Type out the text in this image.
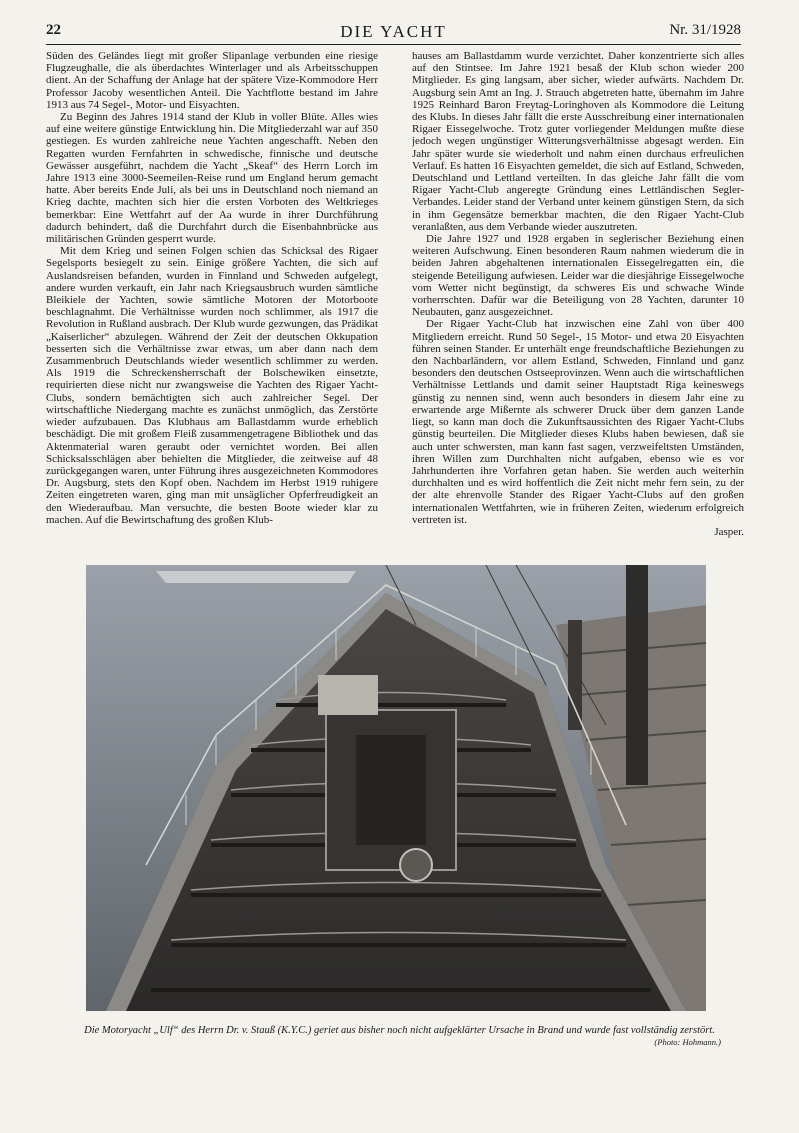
22	DIE YACHT	Nr. 31/1928

Süden des Geländes liegt mit großer Slipanlage verbunden eine riesige Flugzeughalle, die als überdachtes Winterlager und als Arbeitsschuppen dient. An der Schaffung der Anlage hat der spätere Vize-Kommodore Herr Professor Jacoby wesentlichen Anteil. Die Yachtflotte bestand im Jahre 1913 aus 74 Segel-, Motor- und Eisyachten.

Zu Beginn des Jahres 1914 stand der Klub in voller Blüte. Alles wies auf eine weitere günstige Entwicklung hin. Die Mitgliederzahl war auf 350 gestiegen. Es wurden zahlreiche neue Yachten angeschafft. Neben den Regatten wurden Fernfahrten in schwedische, finnische und deutsche Gewässer ausgeführt, nachdem die Yacht „Skeaf“ des Herrn Lorch im Jahre 1913 eine 3000-Seemeilen-Reise rund um England herum gemacht hatte. Aber bereits Ende Juli, als bei uns in Deutschland noch niemand an Krieg dachte, machten sich hier die ersten Vorboten des Weltkrieges bemerkbar: Eine Wettfahrt auf der Aa wurde in ihrer Durchführung dadurch behindert, daß die Durchfahrt durch die Eisenbahnbrücke aus militärischen Gründen gesperrt wurde.

Mit dem Krieg und seinen Folgen schien das Schicksal des Rigaer Segelsports besiegelt zu sein. Einige größere Yachten, die sich auf Auslandsreisen befanden, wurden in Finnland und Schweden aufgelegt, andere wurden verkauft, ein Jahr nach Kriegsausbruch wurden sämtliche Bleikiele der Yachten, sowie sämtliche Motoren der Motorboote beschlagnahmt. Die Verhältnisse wurden noch schlimmer, als 1917 die Revolution in Rußland ausbrach. Der Klub wurde gezwungen, das Prädikat „Kaiserlicher“ abzulegen. Während der Zeit der deutschen Okkupation besserten sich die Verhältnisse zwar etwas, um aber dann nach dem Zusammenbruch Deutschlands wieder wesentlich schlimmer zu werden. Als 1919 die Schreckensherrschaft der Bolschewiken einsetzte, requirierten diese nicht nur zwangsweise die Yachten des Rigaer Yacht-Clubs, sondern bemächtigten sich auch zahlreicher Segel. Der wirtschaftliche Niedergang machte es zunächst unmöglich, das Zerstörte wieder aufzubauen. Das Klubhaus am Ballastdamm wurde erheblich beschädigt. Die mit großem Fleiß zusammengetragene Bibliothek und das Aktenmaterial waren geraubt oder vernichtet worden. Bei allen Schicksalsschlägen aber behielten die Mitglieder, die zeitweise auf 48 zurückgegangen waren, unter Führung ihres ausgezeichneten Kommodores Dr. Augsburg, stets den Kopf oben. Nachdem im Herbst 1919 ruhigere Zeiten eingetreten waren, ging man mit unsäglicher Opferfreudigkeit an den Wiederaufbau. Man versuchte, die besten Boote wieder klar zu machen. Auf die Bewirtschaftung des großen Klub-

hauses am Ballastdamm wurde verzichtet. Daher konzentrierte sich alles auf den Stintsee. Im Jahre 1921 besaß der Klub schon wieder 200 Mitglieder. Es ging langsam, aber sicher, wieder aufwärts. Nachdem Dr. Augsburg sein Amt an Ing. J. Strauch abgetreten hatte, übernahm im Jahre 1925 Reinhard Baron Freytag-Loringhoven als Kommodore die Leitung des Klubs. In dieses Jahr fällt die erste Ausschreibung einer internationalen Rigaer Eissegelwoche. Trotz guter vorliegender Meldungen mußte diese jedoch wegen ungünstiger Witterungsverhältnisse abgesagt werden. Ein Jahr später wurde sie wiederholt und nahm einen durchaus erfreulichen Verlauf. Es hatten 16 Eisyachten gemeldet, die sich auf Estland, Schweden, Deutschland und Lettland verteilten. In das gleiche Jahr fällt die vom Rigaer Yacht-Club angeregte Gründung eines Lettländischen Segler-Verbandes. Leider stand der Verband unter keinem günstigen Stern, da sich in ihm Gegensätze bemerkbar machten, die den Rigaer Yacht-Club veranlaßten, aus dem Verbande wieder auszutreten.

Die Jahre 1927 und 1928 ergaben in seglerischer Beziehung einen weiteren Aufschwung. Einen besonderen Raum nahmen wiederum die in beiden Jahren abgehaltenen internationalen Eissegelregatten ein, die steigende Beteiligung aufwiesen. Leider war die diesjährige Eissegelwoche vom Wetter nicht begünstigt, da schweres Eis und schwache Winde vorherrschten. Dafür war die Beteiligung von 28 Yachten, darunter 10 Neubauten, ganz ausgezeichnet.

Der Rigaer Yacht-Club hat inzwischen eine Zahl von über 400 Mitgliedern erreicht. Rund 50 Segel-, 15 Motor- und etwa 20 Eisyachten führen seinen Stander. Er unterhält enge freundschaftliche Beziehungen zu den Nachbarländern, vor allem Estland, Schweden, Finnland und ganz besonders den deutschen Ostseeprovinzen. Wenn auch die wirtschaftlichen Verhältnisse Lettlands und damit seiner Hauptstadt Riga keineswegs günstig zu nennen sind, wenn auch besonders in diesem Jahr eine zu erwartende arge Mißernte als schwerer Druck über dem ganzen Lande liegt, so kann man doch die Zukunftsaussichten des Rigaer Yacht-Clubs günstig beurteilen. Die Mitglieder dieses Klubs haben bewiesen, daß sie auch unter schwersten, man kann fast sagen, verzweifeltsten Umständen, ihren Willen zum Durchhalten nicht aufgaben, ebenso wie es vor Jahrhunderten ihre Vorfahren getan haben. Sie werden auch weiterhin durchhalten und es wird hoffentlich die Zeit nicht mehr fern sein, zu der der alte ehrenvolle Stander des Rigaer Yacht-Clubs auf den großen internationalen Wettfahrten, wie in früheren Zeiten, wiederum erfolgreich vertreten ist.

Jasper.
Die Motoryacht „Ulf“ des Herrn Dr. v. Stauß (K.Y.C.) geriet aus bisher noch nicht aufgeklärter Ursache in Brand und wurde fast vollständig zerstört.
(Photo: Hohmann.)
